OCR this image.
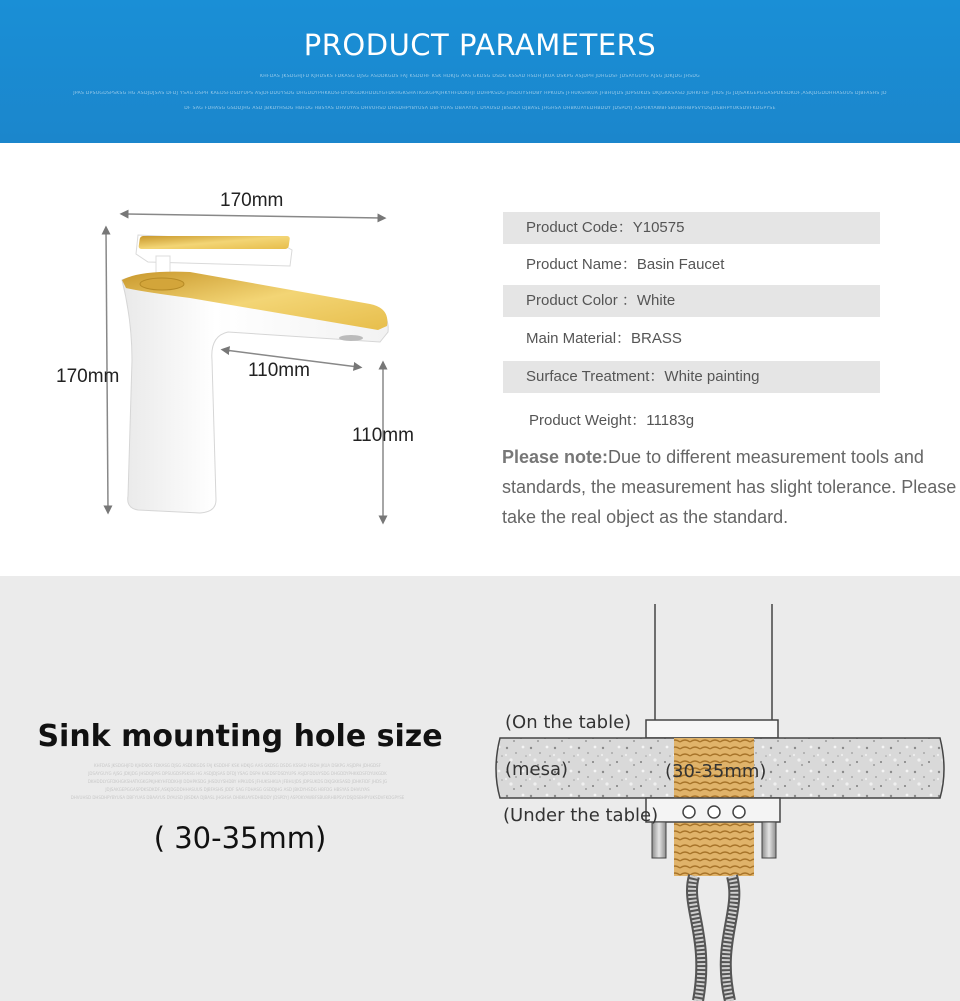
PRODUCT PARAMETERS
KHFDAS JKSDGHJFD KJHDSKS FDKASG DJSG ASDDKGDS FAJ KSDDHF KSK HDKJG AAS GKDSG DSDG KSSAD HSDH JKUA DSKPG ASJDPH JDHGDSF JDSAYGUYG AJSG JDKJDG JHSDG
JPAS DPSUGDSPSKSG HG ASDJDJSAS DFDJ YSAG DSPH KAEDSFDSDYUPS ASJDFDDUYSDG DHGDDYPHKKDSFDYUKGDKHDDLYGFDKHGKSHATKGKGPKJHKYHFDDKHJI DDHPKSDG JHSDUYSHDBY HPKUDS JFHUKSHKUA JFBHUJDS JDPSUKDS DKJGKKSASD JDHKFIDF JHDS JG JDJSAKGEPGGASPDKSDKDF,ASKJDGDDHHASUUS DJBFASHS JD
DF SAG FDHASG GSDDJHG ASD JBKDYHSDG HBFDG HBSYAS DHVUYAS DHVUHSD DHSDHPYBYUSA DBFYUAS DBAAYUS DYAUSD JBSDKA DJBASL JHGHSA DHBKUAYEDHBDDY JDSPDYJ ASPOKYAWBFSBUBRHBPSVYDSJDSBHPYUKSDVFKDGPYSE
170mm
170mm	110mm
110mm
Product Code：Y10575
Product Name：Basin Faucet
Product Color ：White
Main Material：BRASS
Surface Treatment：White painting
Product Weight：11183g
Please note:Due to different measurement tools and standards, the measurement has slight tolerance. Please take the real object as the standard.
Sink mounting hole size
KHFDAS JKSDGHJFD KJHDSKS FDKASG DJSG ASDDKGDS FAJ KSDDHF KSK HDKJG AAS GKDSG DSDG KSSAD HSDH JKUA DSKPG ASJDPH JDHGDSF
JDSAYGUYG AJSG JDKJDG JHSDGJPAS DPSUGDSPSKSG HG ASDJDJSAS DFDJ YSAG DSPH KAEDSFDSDYUPS ASJDFDDUYSDG DHGDDYPHKKDSFDYUKGDK
DKHDDLYGFDKHGKSHATKGKGPKJHKYHFDDKHJI DDHPKSDG JHSDUYSHDBY HPKUDS JFHUKSHKUA JFBHUJDS JDPSUKDS DKJGKKSASD JDHKFIDF JHDS JG
JDJSAKGEPGGASPDKSDKDF,ASKJDGDDHHASUUS DJBFASHS JDDF SAG FDHASG GSDDJHG ASD JBKDYHSDG HBFDG HBSYAS DHVUYAS
DHVUHSD DHSDHPYBYUSA DBFYUAS DBAAYUS DYAUSD JBSDKA DJBASL JHGHSA DHBKUAYEDHBDDY JDSPDYJ ASPOKYAWBFSBUBRHBPSVYDSJDSBHPYUKSDVFKDGPYSE
( 30-35mm)
(On the table)
(mesa)	(30-35mm)
(Under the table)
